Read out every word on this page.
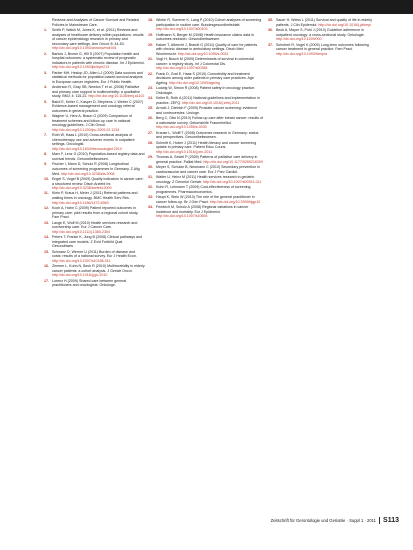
Reviews and Analyses of Cancer Survival and Related Policies in Mainstream Care.
1.	Smith P, Walsh M, Jones K, et al. (2011) Reviews and analyses of healthcare delivery within populations: results of cancer epidemiology research in primary and secondary care settings. Ann Oncol; 8: 44-53. http://dx.doi.org/10.1093/annonc/mdr001
2.	Barlow J, Brown G, Hill S (2007) Population health and hospital outcomes: a systematic review of prognostic indicators in patients with chronic disease. Int J Epidemiol. http://dx.doi.org/10.1093/ije/dym213
3.	Parker MH, Heslop JD, Allen LJ (2009) Data sources and statistical methods for population-based survival analysis in European cancer registries. Eur J Public Health.
4.	Anderson R, Gray SB, Newton T et al. (2008) Palliative and primary care support in multimorbidity: a qualitative study. BMJ; 4: 115-22. http://dx.doi.org/10.1136/bmj.a1102
5.	Baird E, Keller C, Kasper D, Stephens J, Weber C (2007) Evidence-based management and oncology referral outcomes in general practice.
6.	Wagner U, Herz A, Braun G (2009) Comparison of treatment schemes and follow-up care in national oncology guidelines. J Clin Oncol. http://dx.doi.org/10.1200/jco.2009.22.1234
7.	Roth W, Haas L (2010) Cross-sectional analysis of chemotherapy use and adverse events in outpatient settings. Oncologist. http://dx.doi.org/10.1634/theoncologist.2010
8.	Marx F, Lenz G (2010) Population-based registry data and survival trends. Gesundheitswesen.
9.	Fischer I, Mann D, Schulz R (2008) Longitudinal outcomes of screening programmes in Germany. Z Allg Med. http://dx.doi.org/10.3238/zfa.2008
10. Engel S, Vogel B (2009) Quality indicators in cancer care: a structured review. Dtsch Arztebl Int. http://dx.doi.org/10.3238/arztebl.2009
11. Klein P, Kraus H, Meier J (2011) Referral patterns and waiting times in oncology. BMC Health Serv Res. http://dx.doi.org/10.1186/1472-6963
12. Koch A, Hahn C (2009) Patient reported outcomes in primary care: pilot results from a regional cohort study. Fam Pract.
13. Lange E, Wolf M (2010) Health services research and survivorship care. Eur J Cancer Care. http://dx.doi.org/10.1111/j.1365-2354
14. Peters T, Franke K, Jung B (2008) Clinical pathways and integrated care models. Z Evid Fortbild Qual Gesundhwes.
15. Schwarz O, Werner U (2011) Burden of disease and costs: results of a national survey. Eur J Health Econ. http://dx.doi.org/10.1007/s10198-011
16. Zimmer L, Kuhn N, Beck R (2010) Multimorbidity in elderly cancer patients: a cohort analysis. J Geriatr Oncol. http://dx.doi.org/10.1016/j.jgo.2010
17. Lorenz H (2009) Shared care between general practitioners and oncologists. Onkologe.
18. Winter R, Sommer K, Lang P (2010) Cohort analyses of screening participation in routine care. Bundesgesundheitsblatt. http://dx.doi.org/10.1007/s00103
19. Hoffmann S, Berger M (2008) Health insurance claims data in outcomes research. Gesundheitswesen.
20. Kaiser T, Albrecht J, Brandt G (2011) Quality of care for patients with chronic disease in ambulatory settings. Dtsch Med Wochenschr. http://dx.doi.org/10.1055/s-0031
21. Vogt H, Busch M (2009) Determinants of survival in colorectal cancer: a registry study. Int J Colorectal Dis. http://dx.doi.org/10.1007/s00384
22. Frank D, Graf E, Haas S (2010) Comorbidity and treatment decisions among older patients in primary care practices. Age Ageing. http://dx.doi.org/10.1093/ageing
23. Ludwig W, Simon R (2008) Patient safety in oncology practice. Onkologie.
24. Keller B, Roth A (2011) National guidelines and implementation in practice. ZEFQ. http://dx.doi.org/10.1016/j.zefq.2011
25. Arnold J, Dietrich F (2009) Prostate cancer screening: evidence and controversies. Urologe.
26. Berg C, Otto N (2010) Follow-up care after breast cancer: results of a nationwide survey. Geburtshilfe Frauenheilkd. http://dx.doi.org/10.1055/s-0030
27. Krause L, Wolff T (2008) Outcomes research in Germany: status and perspectives. Gesundheitswesen.
28. Schmitt K, Huber J (2011) Health literacy and cancer screening uptake in primary care. Patient Educ Couns. http://dx.doi.org/10.1016/j.pec.2011
29. Thomas A, Seidel P (2009) Patterns of palliative care delivery in general practice. Palliat Med. http://dx.doi.org/10.1177/0269216309
30. Meyer S, Schulze B, Neumann C (2010) Secondary prevention in cardiovascular and cancer care. Eur J Prev Cardiol.
31. Walter U, Heinz M (2011) Health services research in geriatric oncology. Z Gerontol Geriatr. http://dx.doi.org/10.1007/s00391-011
32. Kuhn R, Lehmann T (2009) Cost-effectiveness of screening programmes. Pharmacoeconomics.
33. Haupt K, Stein W (2010) The role of the general practitioner in cancer follow-up. Br J Gen Pract. http://dx.doi.org/10.3399/bjgp10
34. Friedrich M, Scholz A (2008) Regional variations in cancer incidence and mortality. Eur J Epidemiol. http://dx.doi.org/10.1007/s10654
35. Sauer H, Weiss L (2011) Survival and quality of life in elderly patients. J Clin Epidemiol. http://dx.doi.org/10.1016/j.jclinepi
36. Beck A, Mayer S, Pohl J (2010) Guideline adherence in outpatient oncology: a cross-sectional study. Onkologie. http://dx.doi.org/10.1159/000
37. Schubert R, Vogel K (2009) Long-term outcomes following cancer treatment in general practice. Fam Pract. http://dx.doi.org/10.1093/fampra
Zeitschrift für Gerontologie und Geriatrie · Suppl 1 · 2011	S113
